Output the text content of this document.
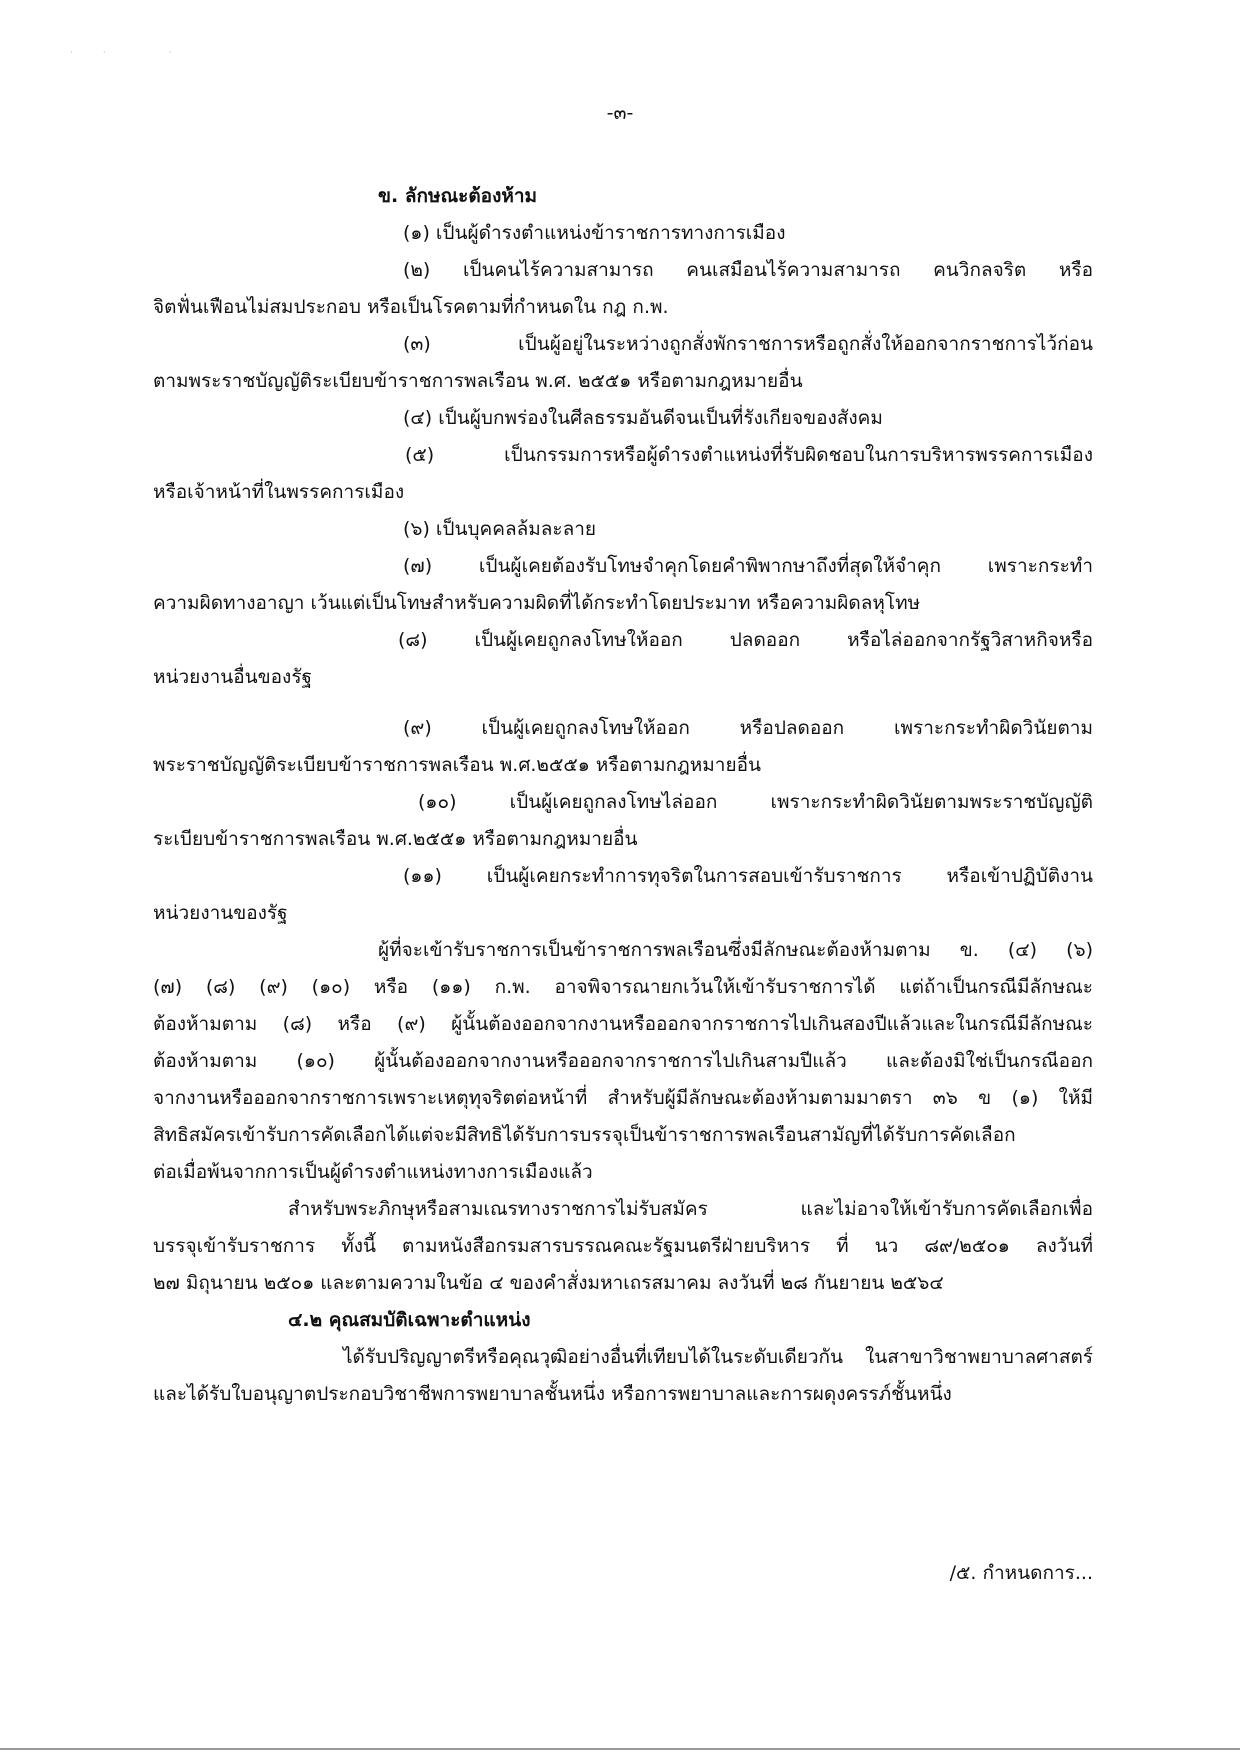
·· ·
-๓-
ข. ลักษณะต้องห้าม
(๑) เป็นผู้ดำรงตำแหน่งข้าราชการทางการเมือง
(๒) เป็นคนไร้ความสามารถ คนเสมือนไร้ความสามารถ คนวิกลจริต หรือ
จิตฟั่นเฟือนไม่สมประกอบ หรือเป็นโรคตามที่กำหนดใน กฎ ก.พ.
(๓) เป็นผู้อยู่ในระหว่างถูกสั่งพักราชการหรือถูกสั่งให้ออกจากราชการไว้ก่อน
ตามพระราชบัญญัติระเบียบข้าราชการพลเรือน พ.ศ. ๒๕๕๑ หรือตามกฎหมายอื่น
(๔) เป็นผู้บกพร่องในศีลธรรมอันดีจนเป็นที่รังเกียจของสังคม
(๕) เป็นกรรมการหรือผู้ดำรงตำแหน่งที่รับผิดชอบในการบริหารพรรคการเมือง
หรือเจ้าหน้าที่ในพรรคการเมือง
(๖) เป็นบุคคลล้มละลาย
(๗) เป็นผู้เคยต้องรับโทษจำคุกโดยคำพิพากษาถึงที่สุดให้จำคุก เพราะกระทำ
ความผิดทางอาญา เว้นแต่เป็นโทษสำหรับความผิดที่ได้กระทำโดยประมาท หรือความผิดลหุโทษ
(๘) เป็นผู้เคยถูกลงโทษให้ออก ปลดออก หรือไล่ออกจากรัฐวิสาหกิจหรือ
หน่วยงานอื่นของรัฐ
(๙) เป็นผู้เคยถูกลงโทษให้ออก หรือปลดออก เพราะกระทำผิดวินัยตาม
พระราชบัญญัติระเบียบข้าราชการพลเรือน พ.ศ.๒๕๕๑ หรือตามกฎหมายอื่น
(๑๐) เป็นผู้เคยถูกลงโทษไล่ออก เพราะกระทำผิดวินัยตามพระราชบัญญัติ
ระเบียบข้าราชการพลเรือน พ.ศ.๒๕๕๑ หรือตามกฎหมายอื่น
(๑๑) เป็นผู้เคยกระทำการทุจริตในการสอบเข้ารับราชการ หรือเข้าปฏิบัติงาน
หน่วยงานของรัฐ
ผู้ที่จะเข้ารับราชการเป็นข้าราชการพลเรือนซึ่งมีลักษณะต้องห้ามตาม ข. (๔) (๖)
(๗) (๘) (๙) (๑๐) หรือ (๑๑) ก.พ. อาจพิจารณายกเว้นให้เข้ารับราชการได้ แต่ถ้าเป็นกรณีมีลักษณะ
ต้องห้ามตาม (๘) หรือ (๙) ผู้นั้นต้องออกจากงานหรือออกจากราชการไปเกินสองปีแล้วและในกรณีมีลักษณะ
ต้องห้ามตาม (๑๐) ผู้นั้นต้องออกจากงานหรือออกจากราชการไปเกินสามปีแล้ว และต้องมิใช่เป็นกรณีออก
จากงานหรือออกจากราชการเพราะเหตุทุจริตต่อหน้าที่ สำหรับผู้มีลักษณะต้องห้ามตามมาตรา ๓๖ ข (๑) ให้มี
สิทธิสมัครเข้ารับการคัดเลือกได้แต่จะมีสิทธิได้รับการบรรจุเป็นข้าราชการพลเรือนสามัญที่ได้รับการคัดเลือก
ต่อเมื่อพ้นจากการเป็นผู้ดำรงตำแหน่งทางการเมืองแล้ว
สำหรับพระภิกษุหรือสามเณรทางราชการไม่รับสมัคร และไม่อาจให้เข้ารับการคัดเลือกเพื่อ
บรรจุเข้ารับราชการ ทั้งนี้ ตามหนังสือกรมสารบรรณคณะรัฐมนตรีฝ่ายบริหาร ที่ นว ๘๙/๒๕๐๑ ลงวันที่
๒๗ มิถุนายน ๒๕๐๑ และตามความในข้อ ๔ ของคำสั่งมหาเถรสมาคม ลงวันที่ ๒๘ กันยายน ๒๕๖๔
๔.๒ คุณสมบัติเฉพาะตำแหน่ง
ได้รับปริญญาตรีหรือคุณวุฒิอย่างอื่นที่เทียบได้ในระดับเดียวกัน ในสาขาวิชาพยาบาลศาสตร์
และได้รับใบอนุญาตประกอบวิชาชีพการพยาบาลชั้นหนึ่ง หรือการพยาบาลและการผดุงครรภ์ชั้นหนึ่ง
/๕. กำหนดการ...
